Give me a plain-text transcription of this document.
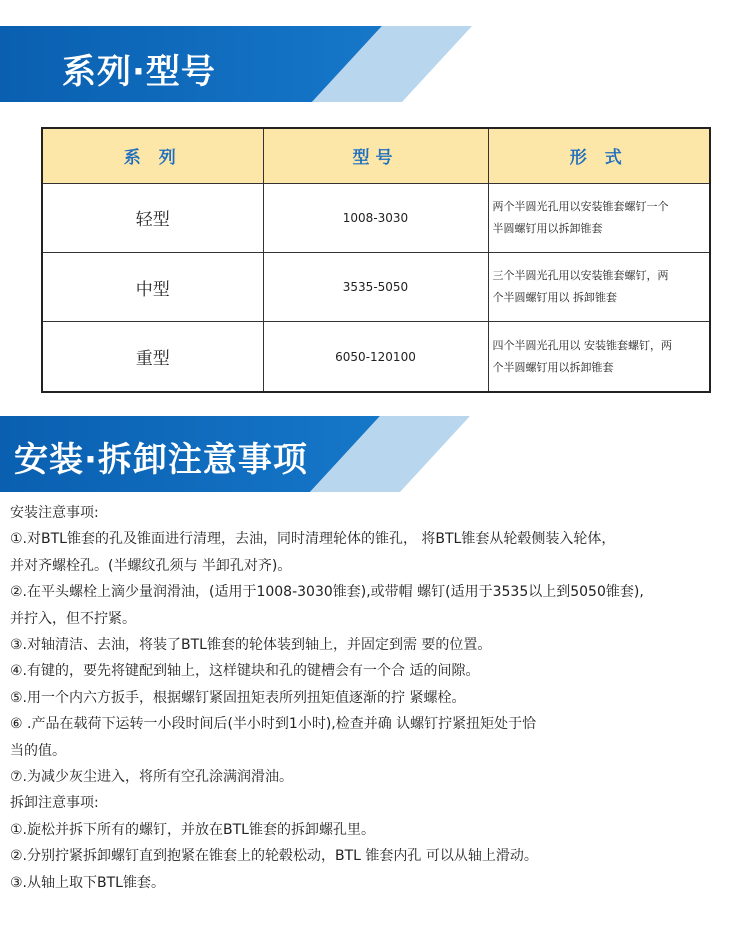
系列·型号
系 列	型号	形 式
轻型	1008-3030	两个半圆光孔用以安装锥套螺钉一个
半圆螺钉用以拆卸锥套

中型	3535-5050	三个半圆光孔用以安装锥套螺钉，两
个半圆螺钉用以 拆卸锥套

重型	6050-120100	四个半圆光孔用以 安装锥套螺钉，两
个半圆螺钉用以拆卸锥套
安装·拆卸注意事项

安装注意事项:

①.对BTL锥套的孔及锥面进行清理，去油，同时清理轮体的锥孔， 将BTL锥套从轮毂侧装入轮体，

并对齐螺栓孔。(半螺纹孔须与 半卸孔对齐)。

②.在平头螺栓上滴少量润滑油，(适用于1008-3030锥套),或带帽 螺钉(适用于3535以上到5050锥套),

并拧入，但不拧紧。

③.对轴清洁、去油，将装了BTL锥套的轮体装到轴上，并固定到需 要的位置。

④.有键的，要先将键配到轴上，这样键块和孔的键槽会有一个合 适的间隙。

⑤.用一个内六方扳手，根据螺钉紧固扭矩表所列扭矩值逐渐的拧 紧螺栓。

⑥ .产品在载荷下运转一小段时间后(半小时到1小时),检查并确 认螺钉拧紧扭矩处于恰

当的值。

⑦.为减少灰尘进入，将所有空孔涂满润滑油。

拆卸注意事项:

①.旋松并拆下所有的螺钉，并放在BTL锥套的拆卸螺孔里。

②.分别拧紧拆卸螺钉直到抱紧在锥套上的轮毂松动，BTL 锥套内孔 可以从轴上滑动。

③.从轴上取下BTL锥套。
